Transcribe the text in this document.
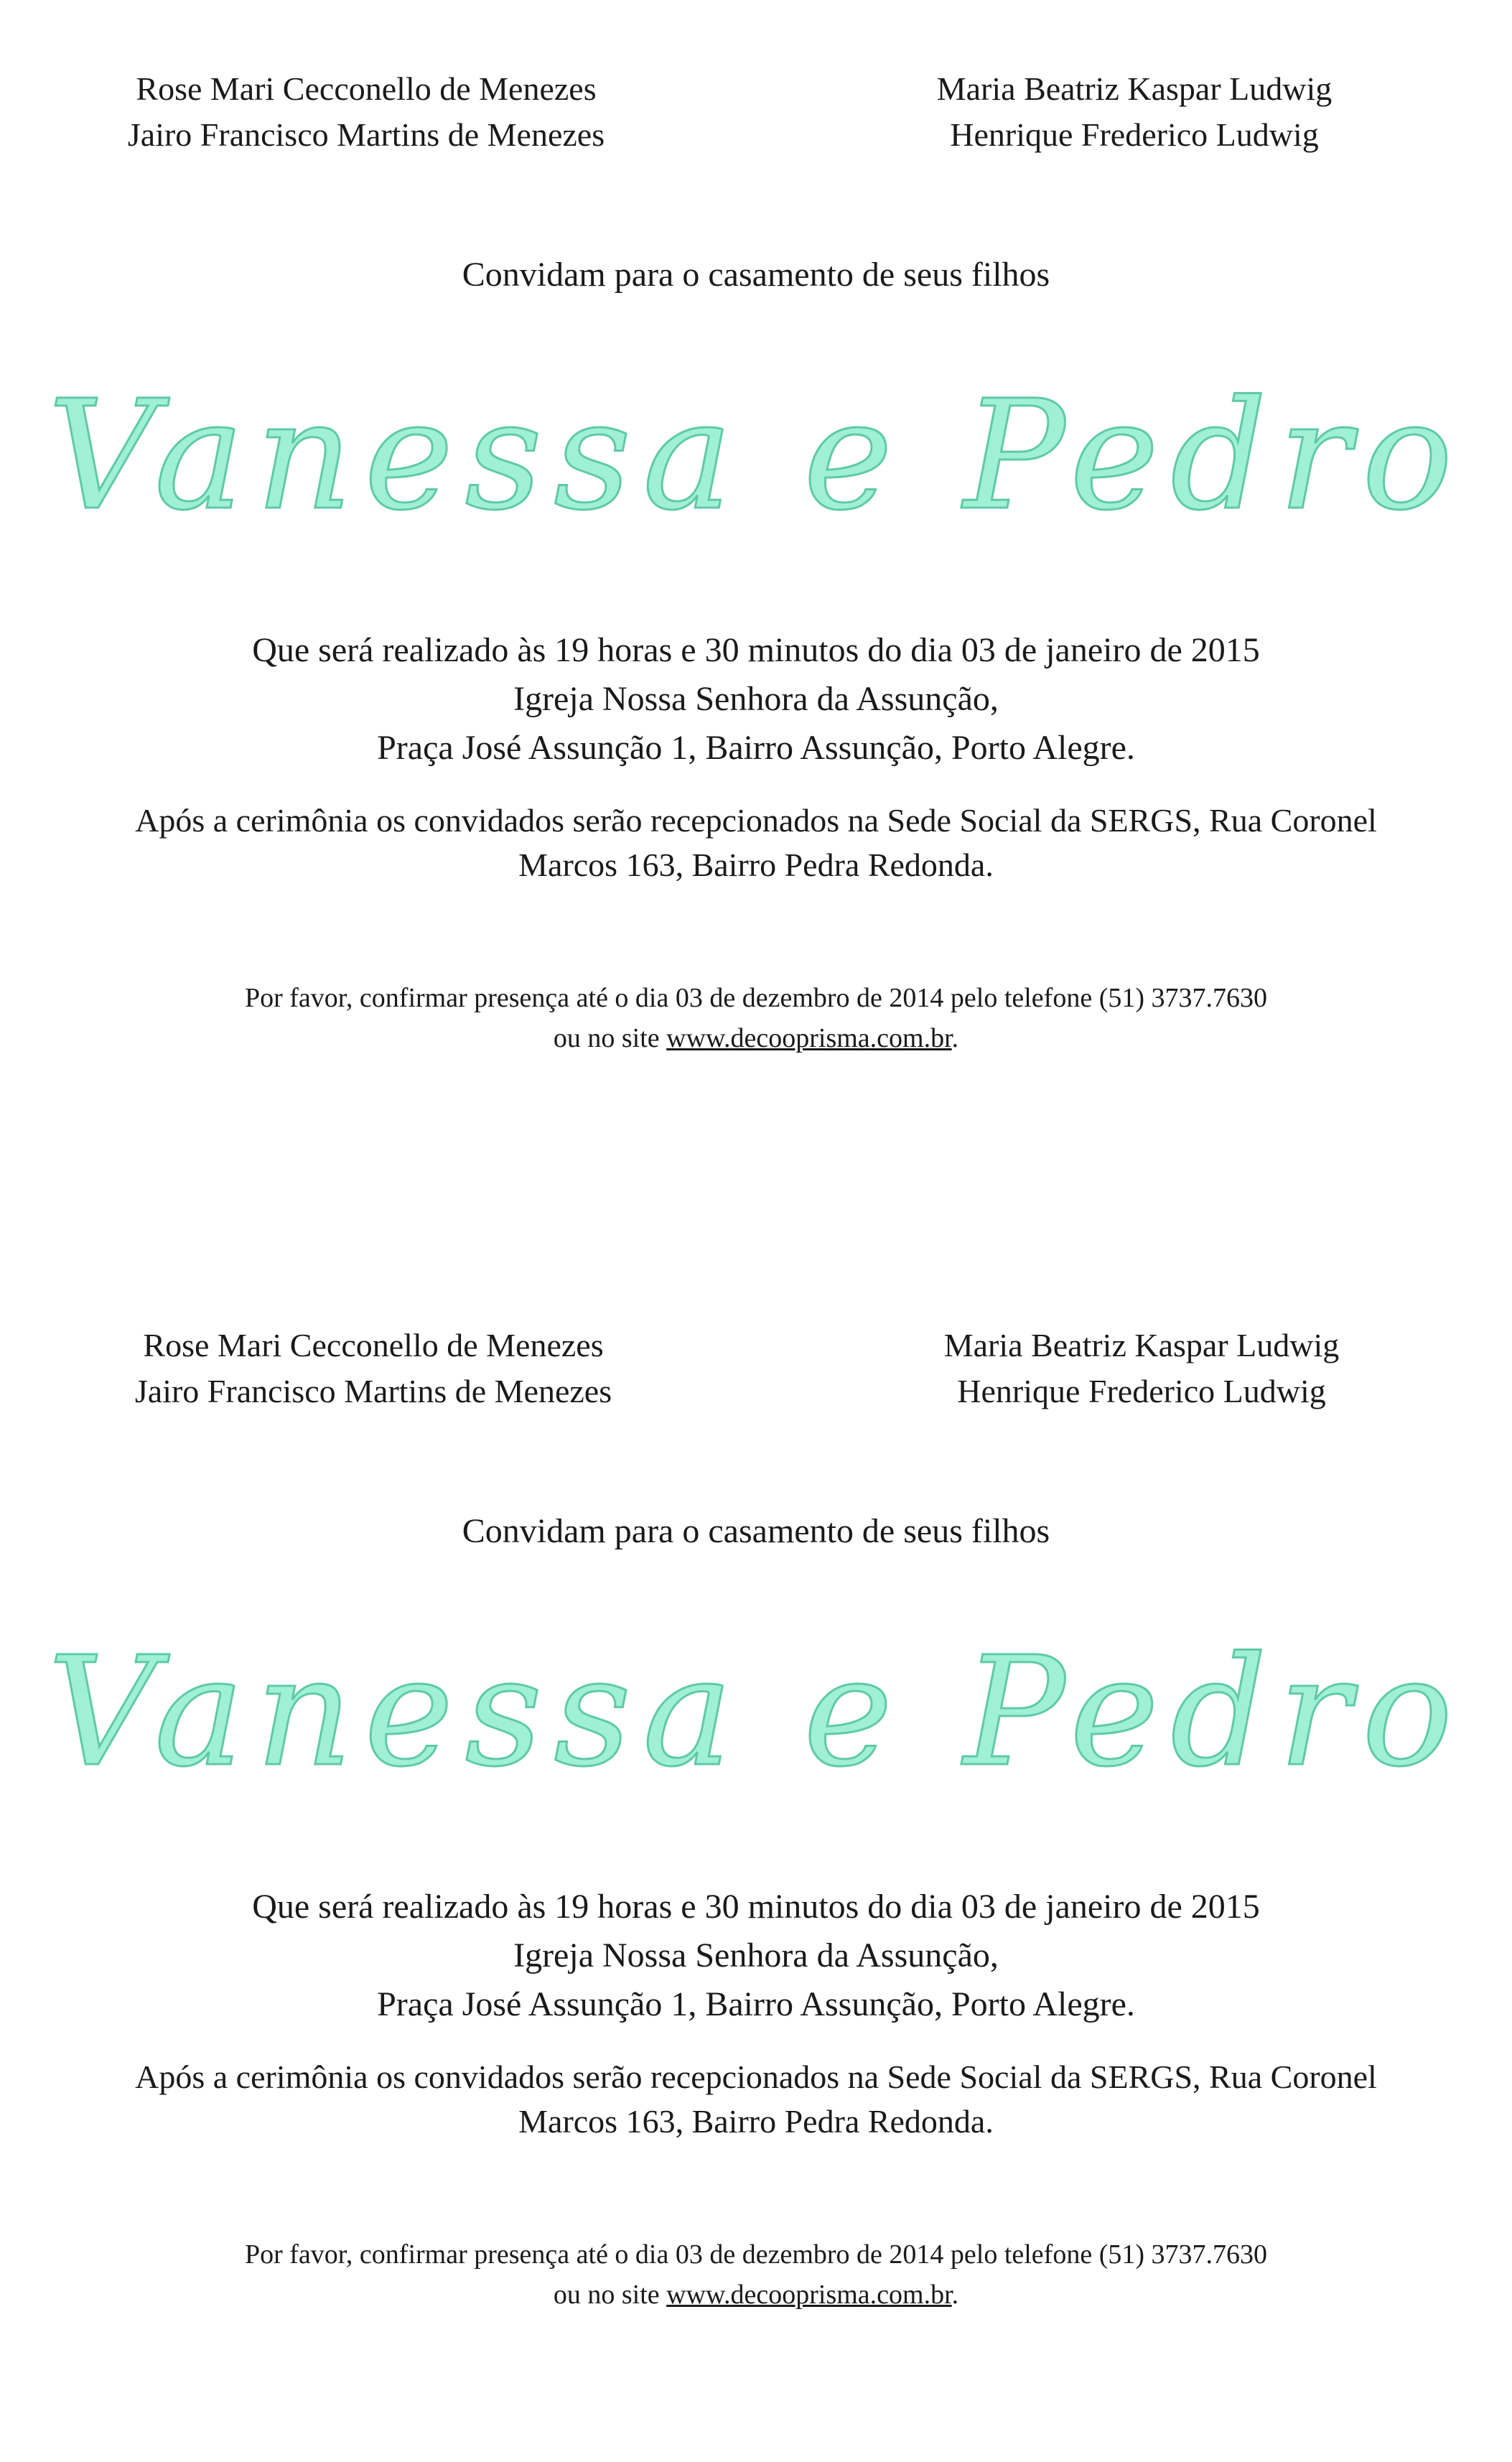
Rose Mari Cecconello de Menezes
Jairo Francisco Martins de Menezes
Maria Beatriz Kaspar Ludwig
Henrique Frederico Ludwig
Convidam para o casamento de seus filhos
Vanessa e Pedro
Que será realizado às 19 horas e 30 minutos do dia 03 de janeiro de 2015
Igreja Nossa Senhora da Assunção,
Praça José Assunção 1, Bairro Assunção, Porto Alegre.
Após a cerimônia os convidados serão recepcionados na Sede Social da SERGS, Rua Coronel
Marcos 163, Bairro Pedra Redonda.
Por favor, confirmar presença até o dia 03 de dezembro de 2014 pelo telefone (51) 3737.7630
ou no site www.decooprisma.com.br.
Rose Mari Cecconello de Menezes
Jairo Francisco Martins de Menezes
Maria Beatriz Kaspar Ludwig
Henrique Frederico Ludwig
Convidam para o casamento de seus filhos
Vanessa e Pedro
Que será realizado às 19 horas e 30 minutos do dia 03 de janeiro de 2015
Igreja Nossa Senhora da Assunção,
Praça José Assunção 1, Bairro Assunção, Porto Alegre.
Após a cerimônia os convidados serão recepcionados na Sede Social da SERGS, Rua Coronel
Marcos 163, Bairro Pedra Redonda.
Por favor, confirmar presença até o dia 03 de dezembro de 2014 pelo telefone (51) 3737.7630
ou no site www.decooprisma.com.br.
